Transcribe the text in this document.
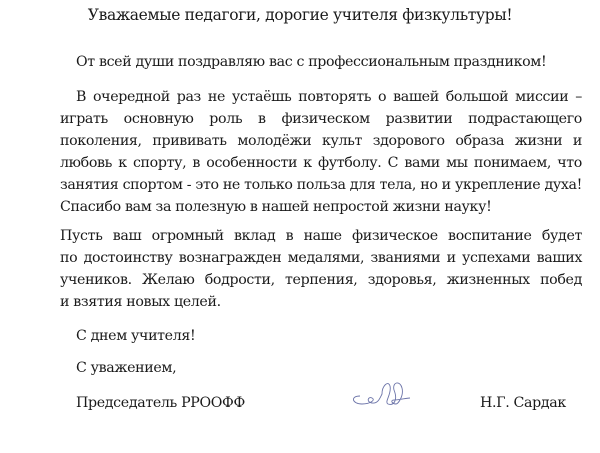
Уважаемые педагоги, дорогие учителя физкультуры!
От всей души поздравляю вас с профессиональным праздником!
В очередной раз не устаёшь повторять о вашей большой миссии –
играть основную роль в физическом развитии подрастающего
поколения, прививать молодёжи культ здорового образа жизни и
любовь к спорту, в особенности к футболу. С вами мы понимаем, что
занятия спортом - это не только польза для тела, но и укрепление духа!
Спасибо вам за полезную в нашей непростой жизни науку!
Пусть ваш огромный вклад в наше физическое воспитание будет
по достоинству вознагражден медалями, званиями и успехами ваших
учеников. Желаю бодрости, терпения, здоровья, жизненных побед
и взятия новых целей.
С днем учителя!
С уважением,
Председатель РРООФФ	Н.Г. Сардак
